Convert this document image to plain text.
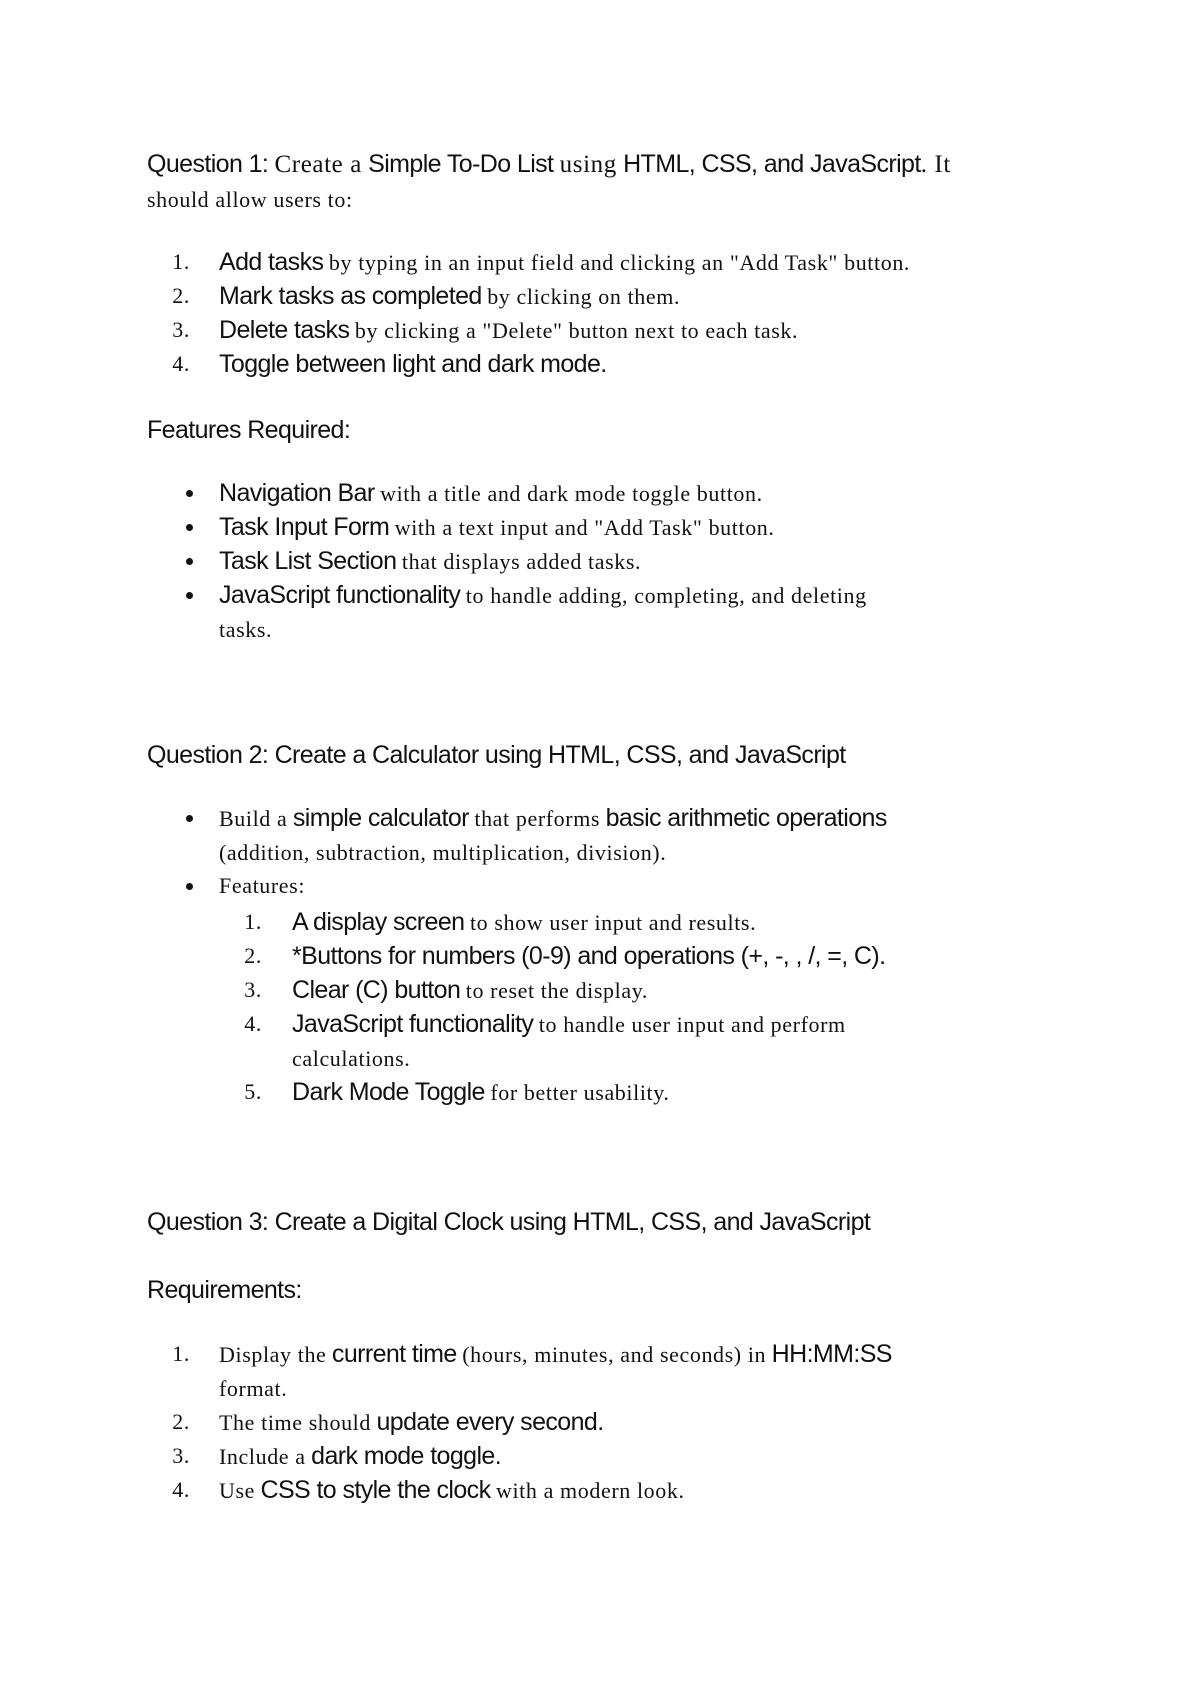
Question 1: Create a Simple To-Do List using HTML, CSS, and JavaScript. It
should allow users to:
1. Add tasks by typing in an input field and clicking an "Add Task" button.
2. Mark tasks as completed by clicking on them.
3. Delete tasks by clicking a "Delete" button next to each task.
4. Toggle between light and dark mode.
Features Required:
Navigation Bar with a title and dark mode toggle button.
Task Input Form with a text input and "Add Task" button.
Task List Section that displays added tasks.
JavaScript functionality to handle adding, completing, and deleting
tasks.
Question 2: Create a Calculator using HTML, CSS, and JavaScript
Build a simple calculator that performs basic arithmetic operations
(addition, subtraction, multiplication, division).
Features:
1. A display screen to show user input and results.
2. *Buttons for numbers (0-9) and operations (+, -, , /, =, C).
3. Clear (C) button to reset the display.
4. JavaScript functionality to handle user input and perform
calculations.
5. Dark Mode Toggle for better usability.
Question 3: Create a Digital Clock using HTML, CSS, and JavaScript
Requirements:
1. Display the current time (hours, minutes, and seconds) in HH:MM:SS
format.
2. The time should update every second.
3. Include a dark mode toggle.
4. Use CSS to style the clock with a modern look.
